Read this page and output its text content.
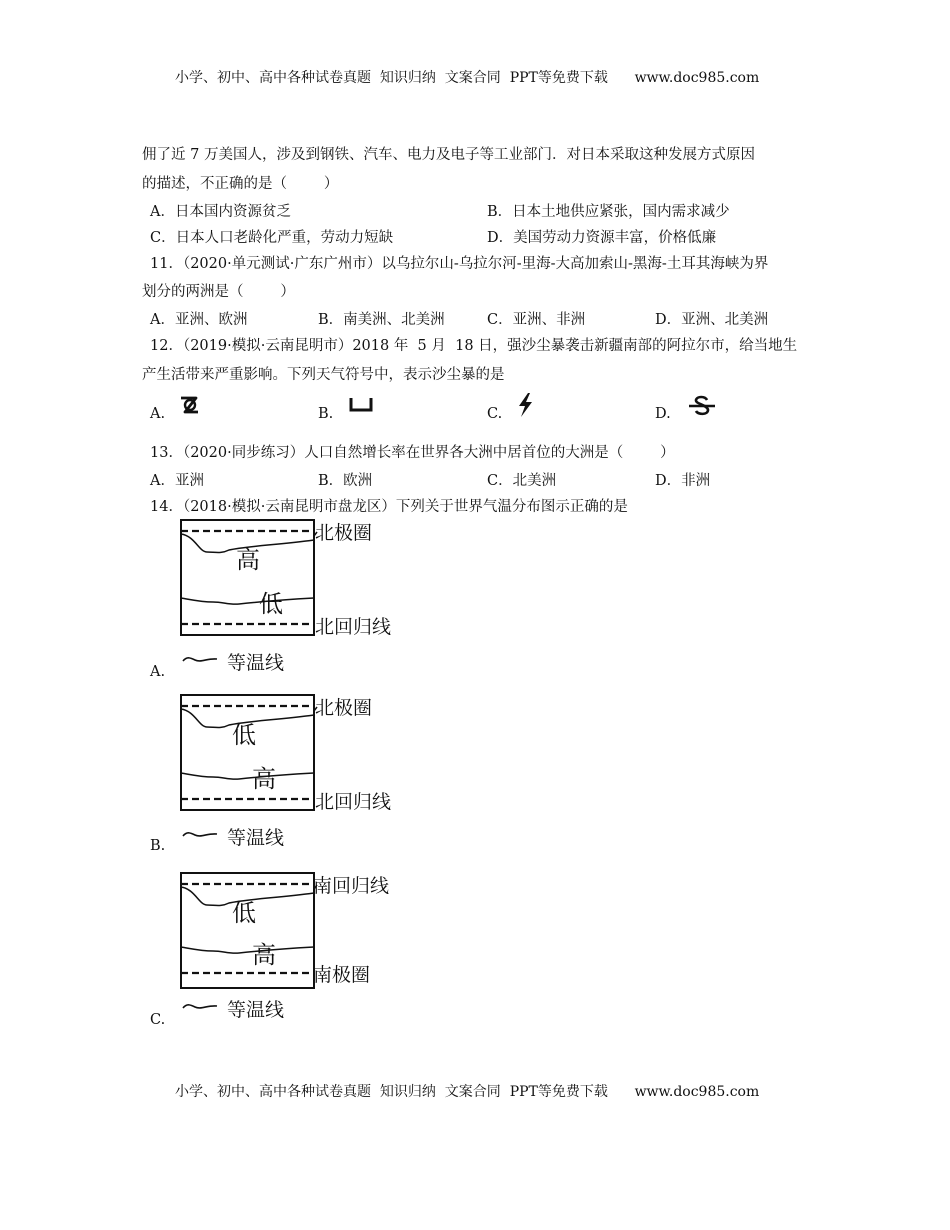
小学、初中、高中各种试卷真题  知识归纳  文案合同  PPT等免费下载      www.doc985.com
佣了近 7 万美国人，涉及到钢铁、汽车、电力及电子等工业部门．对日本采取这种发展方式原因
的描述，不正确的是（        ）
A．日本国内资源贫乏	B．日本土地供应紧张，国内需求减少
C．日本人口老龄化严重，劳动力短缺	D．美国劳动力资源丰富，价格低廉
11．（2020·单元测试·广东广州市）以乌拉尔山-乌拉尔河-里海-大高加索山-黑海-土耳其海峡为界
划分的两洲是（        ）
A．亚洲、欧洲	B．南美洲、北美洲	C．亚洲、非洲	D．亚洲、北美洲
12．（2019·模拟·云南昆明市）2018 年  5 月  18 日，强沙尘暴袭击新疆南部的阿拉尔市，给当地生
产生活带来严重影响。下列天气符号中，表示沙尘暴的是
A.	B.	C.	D.
13．（2020·同步练习）人口自然增长率在世界各大洲中居首位的大洲是（        ）
A．亚洲	B．欧洲	C．北美洲	D．非洲
14．（2018·模拟·云南昆明市盘龙区）下列关于世界气温分布图示正确的是
高
低
北极圈
北回归线
等温线
A.
低
高
北极圈
北回归线
等温线
B.
低
高
南回归线
南极圈
等温线
C.
小学、初中、高中各种试卷真题  知识归纳  文案合同  PPT等免费下载      www.doc985.com
